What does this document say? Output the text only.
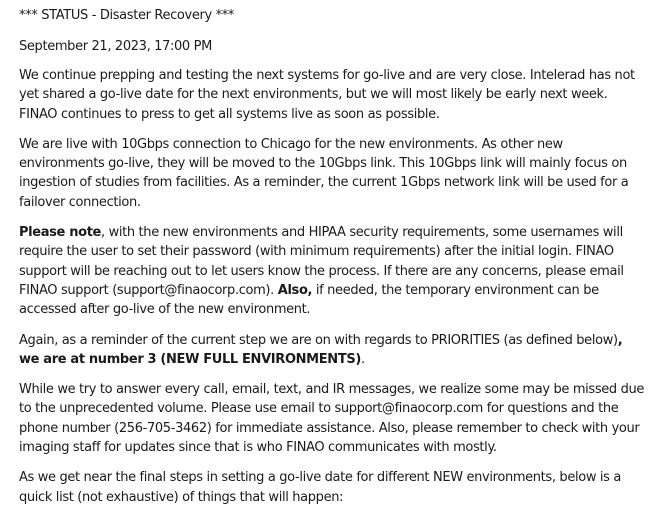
*** STATUS - Disaster Recovery ***

September 21, 2023, 17:00 PM

We continue prepping and testing the next systems for go-live and are very close. Intelerad has not yet shared a go-live date for the next environments, but we will most likely be early next week. FINAO continues to press to get all systems live as soon as possible.

We are live with 10Gbps connection to Chicago for the new environments. As other new environments go-live, they will be moved to the 10Gbps link. This 10Gbps link will mainly focus on ingestion of studies from facilities. As a reminder, the current 1Gbps network link will be used for a failover connection.

Please note, with the new environments and HIPAA security requirements, some usernames will require the user to set their password (with minimum requirements) after the initial login. FINAO support will be reaching out to let users know the process. If there are any concerns, please email FINAO support (support@finaocorp.com). Also, if needed, the temporary environment can be accessed after go-live of the new environment.

Again, as a reminder of the current step we are on with regards to PRIORITIES (as defined below), we are at number 3 (NEW FULL ENVIRONMENTS).

While we try to answer every call, email, text, and IR messages, we realize some may be missed due to the unprecedented volume. Please use email to support@finaocorp.com for questions and the phone number (256-705-3462) for immediate assistance. Also, please remember to check with your imaging staff for updates since that is who FINAO communicates with mostly.

As we get near the final steps in setting a go-live date for different NEW environments, below is a quick list (not exhaustive) of things that will happen:
